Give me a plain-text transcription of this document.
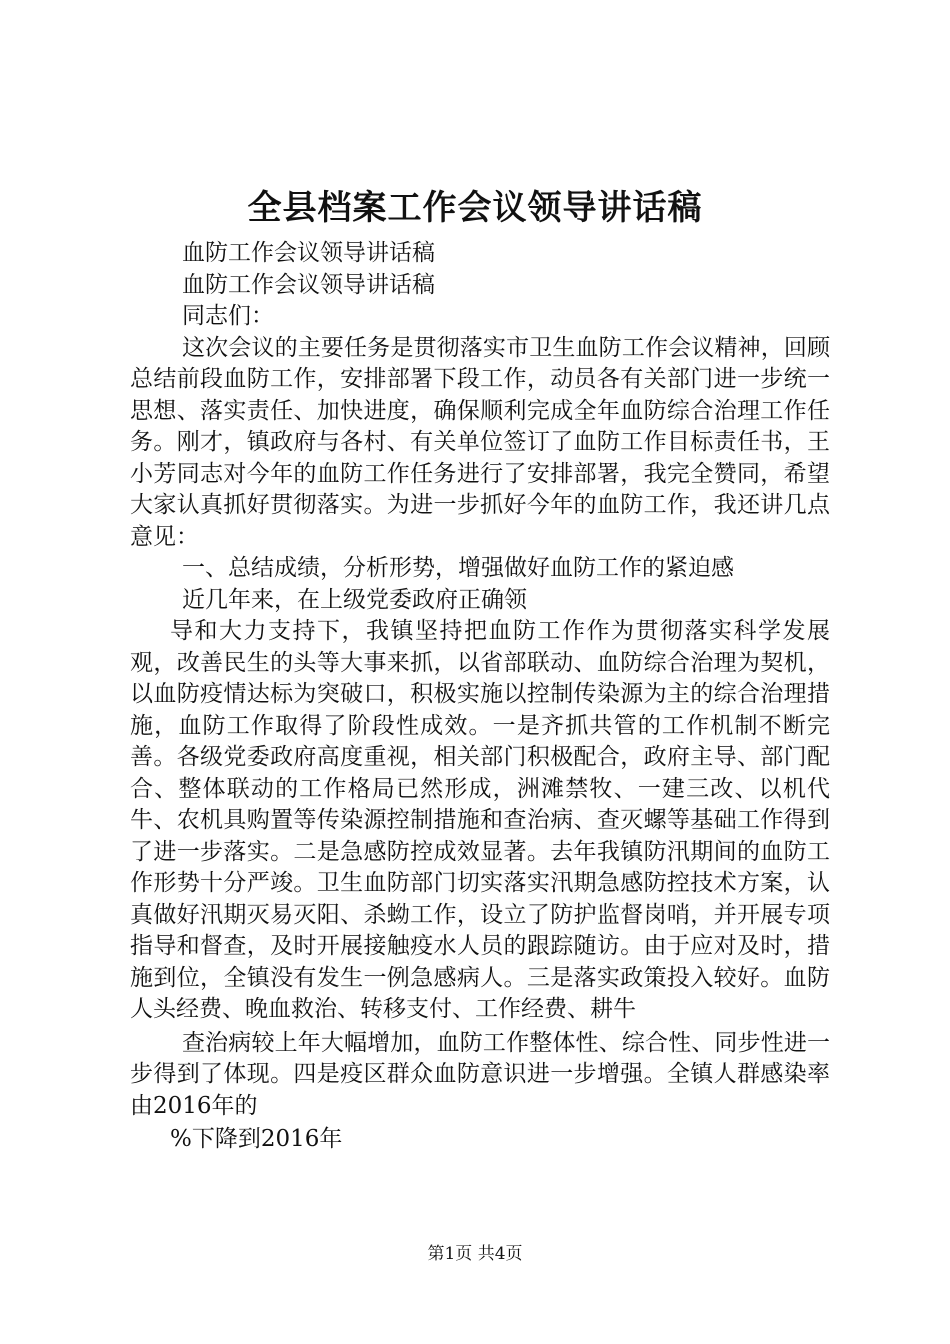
全县档案工作会议领导讲话稿

血防工作会议领导讲话稿

血防工作会议领导讲话稿

同志们：

这次会议的主要任务是贯彻落实市卫生血防工作会议精神，回顾总结前段血防工作，安排部署下段工作，动员各有关部门进一步统一思想、落实责任、加快进度，确保顺利完成全年血防综合治理工作任务。刚才，镇政府与各村、有关单位签订了血防工作目标责任书，王小芳同志对今年的血防工作任务进行了安排部署，我完全赞同，希望大家认真抓好贯彻落实。为进一步抓好今年的血防工作，我还讲几点意见：

一、总结成绩，分析形势，增强做好血防工作的紧迫感

近几年来，在上级党委政府正确领

导和大力支持下，我镇坚持把血防工作作为贯彻落实科学发展观，改善民生的头等大事来抓，以省部联动、血防综合治理为契机，以血防疫情达标为突破口，积极实施以控制传染源为主的综合治理措施，血防工作取得了阶段性成效。一是齐抓共管的工作机制不断完善。各级党委政府高度重视，相关部门积极配合，政府主导、部门配合、整体联动的工作格局已然形成，洲滩禁牧、一建三改、以机代牛、农机具购置等传染源控制措施和查治病、查灭螺等基础工作得到了进一步落实。二是急感防控成效显著。去年我镇防汛期间的血防工作形势十分严竣。卫生血防部门切实落实汛期急感防控技术方案，认真做好汛期灭易灭阳、杀蚴工作，设立了防护监督岗哨，并开展专项指导和督查，及时开展接触疫水人员的跟踪随访。由于应对及时，措施到位，全镇没有发生一例急感病人。三是落实政策投入较好。血防人头经费、晚血救治、转移支付、工作经费、耕牛

查治病较上年大幅增加，血防工作整体性、综合性、同步性进一步得到了体现。四是疫区群众血防意识进一步增强。全镇人群感染率由2016年的

%下降到2016年

第1页 共4页
